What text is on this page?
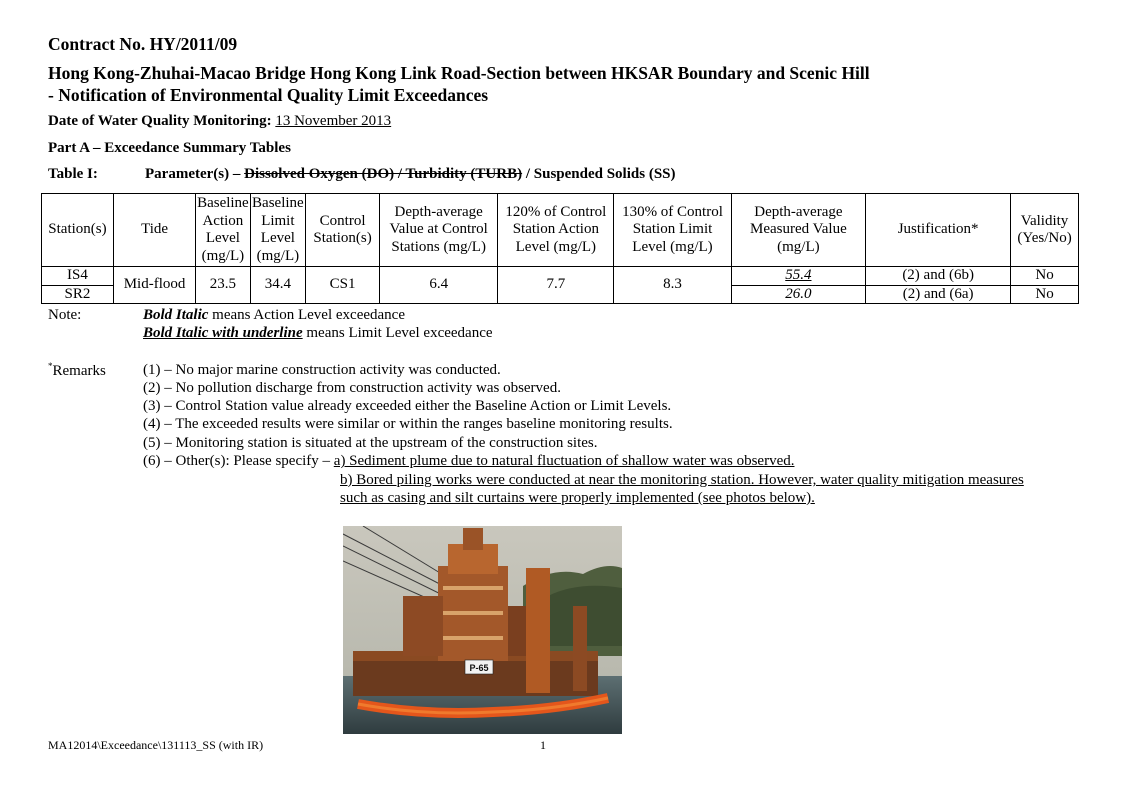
Contract No. HY/2011/09
Hong Kong-Zhuhai-Macao Bridge Hong Kong Link Road-Section between HKSAR Boundary and Scenic Hill
- Notification of Environmental Quality Limit Exceedances
Date of Water Quality Monitoring: 13 November 2013
Part A – Exceedance Summary Tables
Table I:	Parameter(s) – Dissolved Oxygen (DO) / Turbidity (TURB) / Suspended Solids (SS)
Station(s)	Tide	Baseline Action Level (mg/L)	Baseline Limit Level (mg/L)	Control Station(s)	Depth-average Value at Control Stations (mg/L)	120% of Control Station Action Level (mg/L)	130% of Control Station Limit Level (mg/L)	Depth-average Measured Value (mg/L)	Justification*	Validity (Yes/No)
IS4	Mid-flood	23.5	34.4	CS1	6.4	7.7	8.3	55.4	(2) and (6b)	No
SR2								26.0	(2) and (6a)	No
Note:	Bold Italic means Action Level exceedance
Bold Italic with underline means Limit Level exceedance
*Remarks (1) – No major marine construction activity was conducted.
(2) – No pollution discharge from construction activity was observed.
(3) – Control Station value already exceeded either the Baseline Action or Limit Levels.
(4) – The exceeded results were similar or within the ranges baseline monitoring results.
(5) – Monitoring station is situated at the upstream of the construction sites.
(6) – Other(s): Please specify – a) Sediment plume due to natural fluctuation of shallow water was observed.
b) Bored piling works were conducted at near the monitoring station. However, water quality mitigation measures
such as casing and silt curtains were properly implemented (see photos below).
P-65
MA12014\Exceedance\131113_SS (with IR)	1
